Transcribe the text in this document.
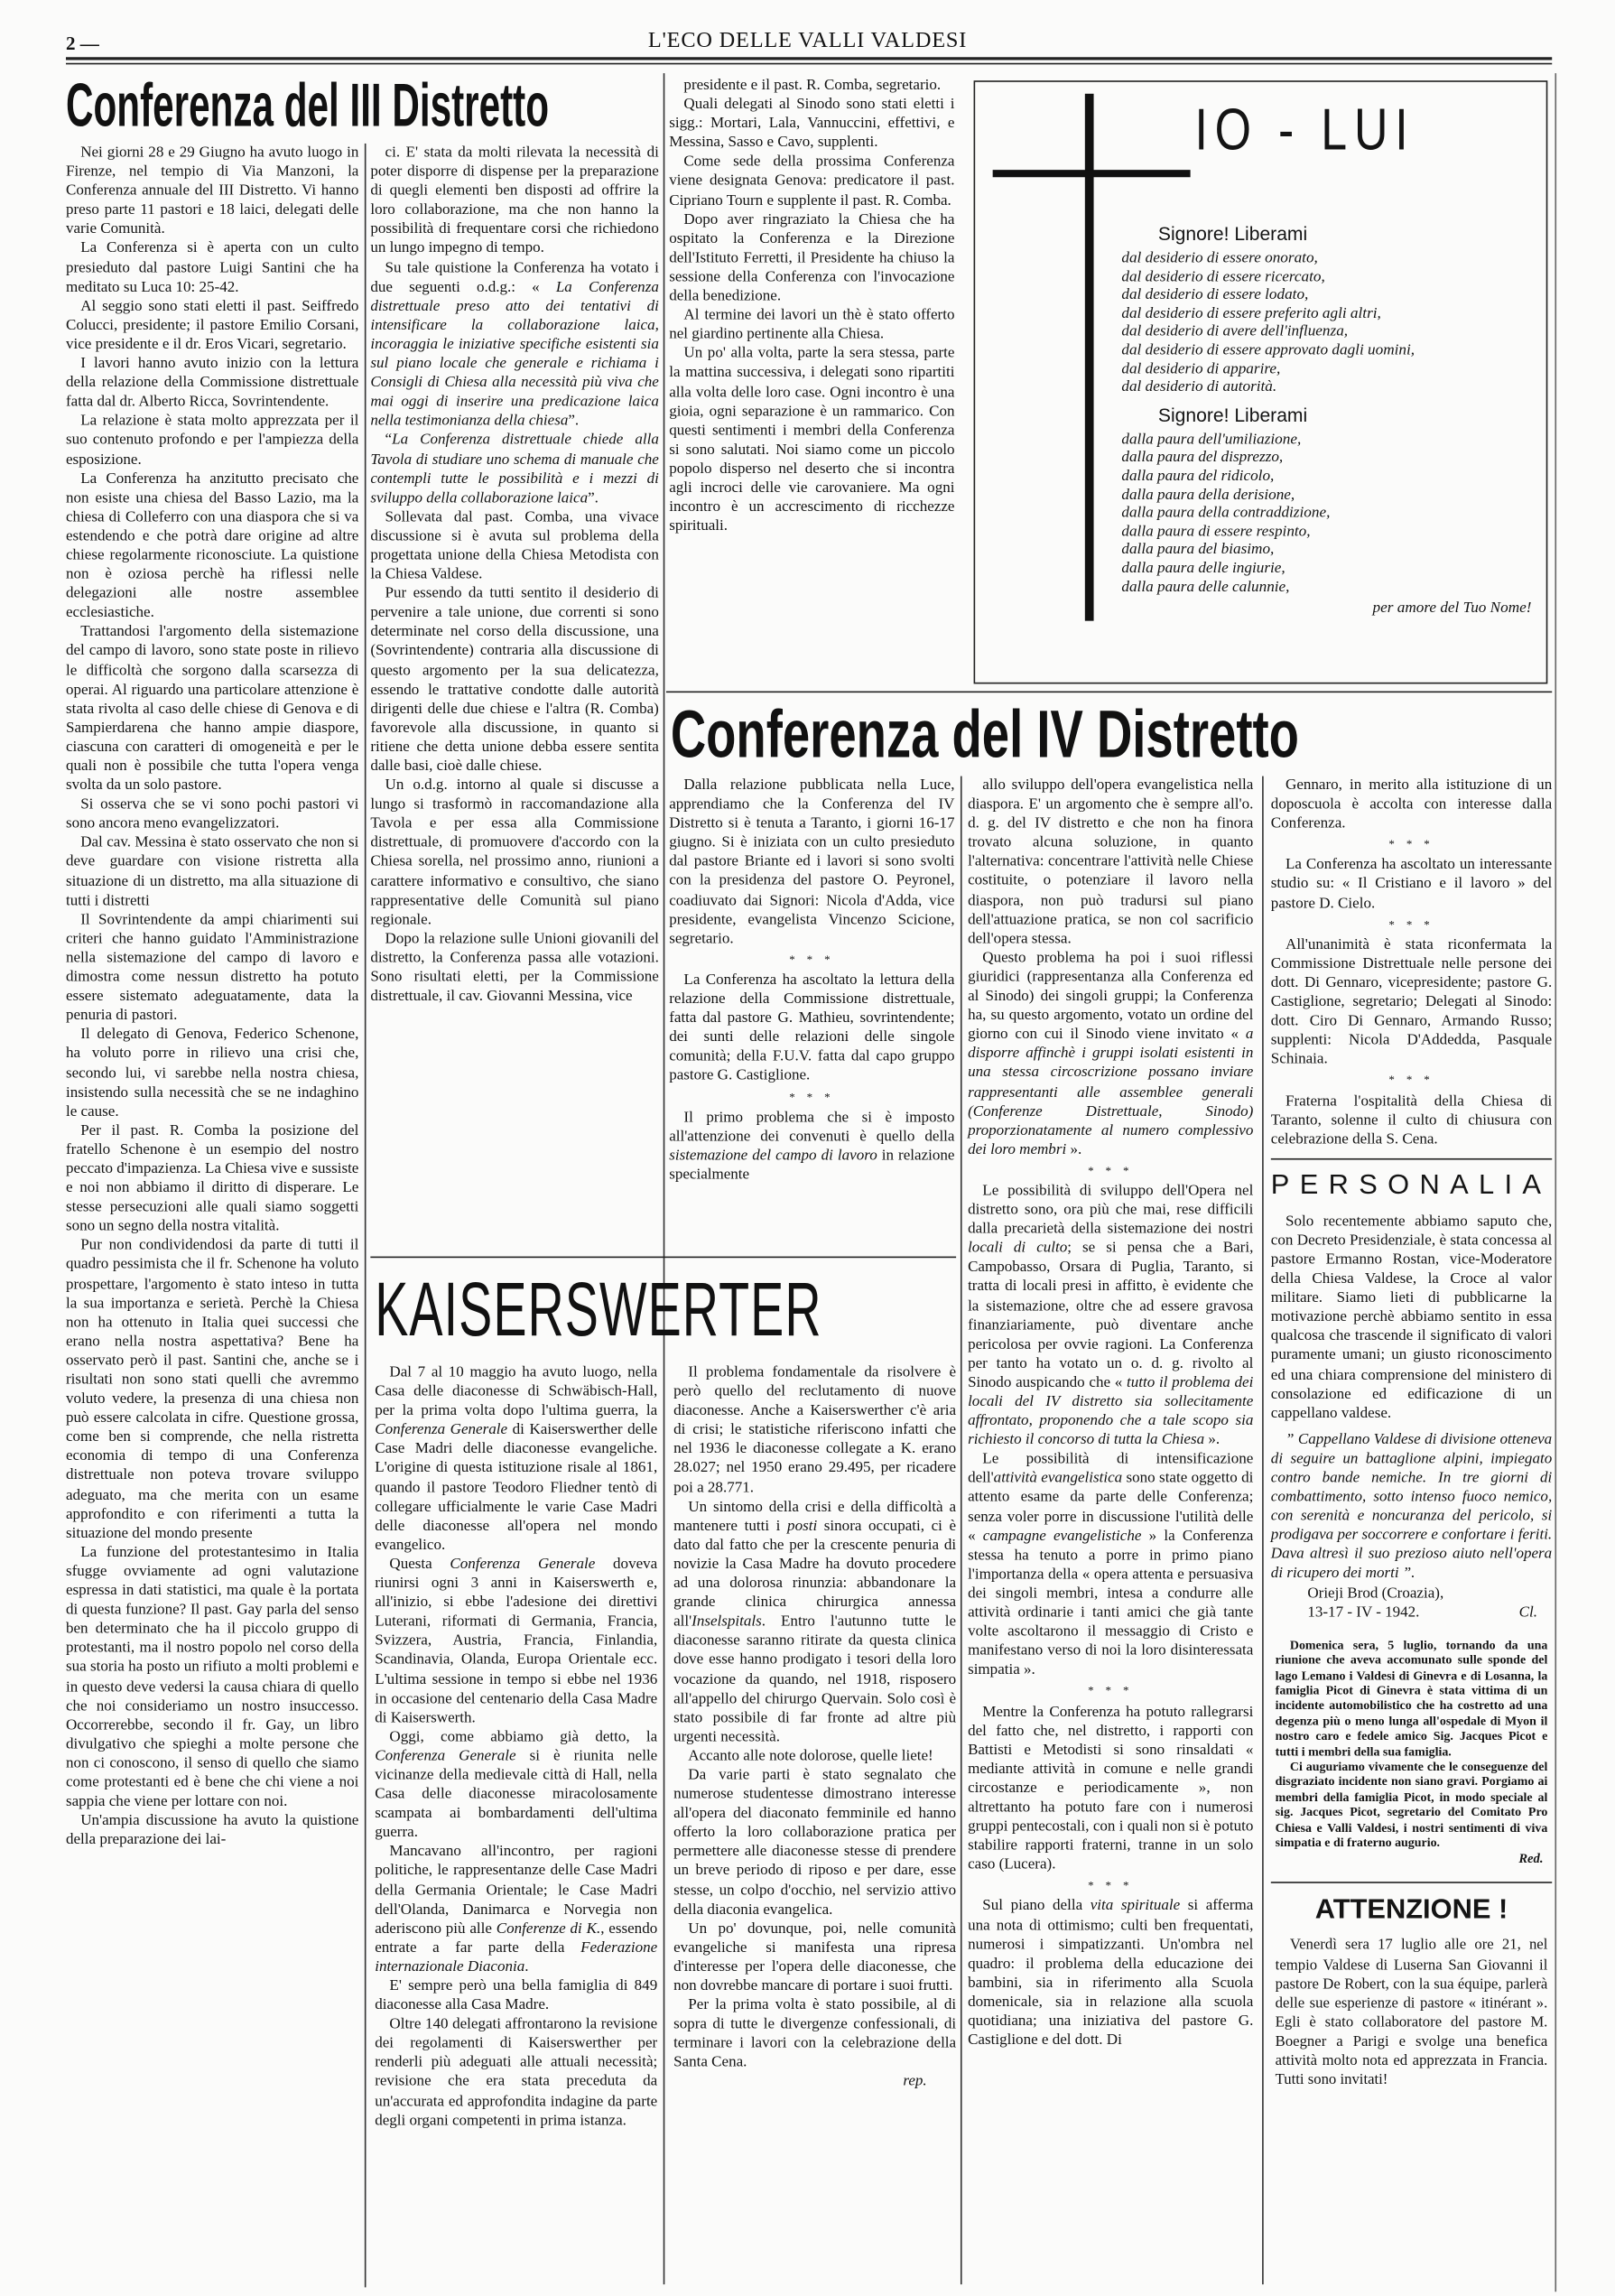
2 —	L'ECO DELLE VALLI VALDESI
Conferenza del III Distretto

Nei giorni 28 e 29 Giugno ha avuto luogo in Firenze, nel tempio di Via Manzoni, la Conferenza annuale del III Distretto. Vi hanno preso parte 11 pastori e 18 laici, delegati delle varie Comunità.

La Conferenza si è aperta con un culto presieduto dal pastore Luigi Santini che ha meditato su Luca 10: 25-42.

Al seggio sono stati eletti il past. Seiffredo Colucci, presidente; il pastore Emilio Corsani, vice presidente e il dr. Eros Vicari, segretario.

I lavori hanno avuto inizio con la lettura della relazione della Commissione distrettuale fatta dal dr. Alberto Ricca, Sovrintendente.

La relazione è stata molto apprezzata per il suo contenuto profondo e per l'ampiezza della esposizione.

La Conferenza ha anzitutto precisato che non esiste una chiesa del Basso Lazio, ma la chiesa di Colleferro con una diaspora che si va estendendo e che potrà dare origine ad altre chiese regolarmente riconosciute. La quistione non è oziosa perchè ha riflessi nelle delegazioni alle nostre assemblee ecclesiastiche.

Trattandosi l'argomento della sistemazione del campo di lavoro, sono state poste in rilievo le difficoltà che sorgono dalla scarsezza di operai. Al riguardo una particolare attenzione è stata rivolta al caso delle chiese di Genova e di Sampierdarena che hanno ampie diaspore, ciascuna con caratteri di omogeneità e per le quali non è possibile che tutta l'opera venga svolta da un solo pastore.

Si osserva che se vi sono pochi pastori vi sono ancora meno evangelizzatori.

Dal cav. Messina è stato osservato che non si deve guardare con visione ristretta alla situazione di un distretto, ma alla situazione di tutti i distretti

Il Sovrintendente da ampi chiarimenti sui criteri che hanno guidato l'Amministrazione nella sistemazione del campo di lavoro e dimostra come nessun distretto ha potuto essere sistemato adeguatamente, data la penuria di pastori.

Il delegato di Genova, Federico Schenone, ha voluto porre in rilievo una crisi che, secondo lui, vi sarebbe nella nostra chiesa, insistendo sulla necessità che se ne indaghino le cause.

Per il past. R. Comba la posizione del fratello Schenone è un esempio del nostro peccato d'impazienza. La Chiesa vive e sussiste e noi non abbiamo il diritto di disperare. Le stesse persecuzioni alle quali siamo soggetti sono un segno della nostra vitalità.

Pur non condividendosi da parte di tutti il quadro pessimista che il fr. Schenone ha voluto prospettare, l'argomento è stato inteso in tutta la sua importanza e serietà. Perchè la Chiesa non ha ottenuto in Italia quei successi che erano nella nostra aspettativa? Bene ha osservato però il past. Santini che, anche se i risultati non sono stati quelli che avremmo voluto vedere, la presenza di una chiesa non può essere calcolata in cifre. Questione grossa, come ben si comprende, che nella ristretta economia di tempo di una Conferenza distrettuale non poteva trovare sviluppo adeguato, ma che merita con un esame approfondito e con riferimenti a tutta la situazione del mondo presente

La funzione del protestantesimo in Italia sfugge ovviamente ad ogni valutazione espressa in dati statistici, ma quale è la portata di questa funzione? Il past. Gay parla del senso ben determinato che ha il piccolo gruppo di protestanti, ma il nostro popolo nel corso della sua storia ha posto un rifiuto a molti problemi e in questo deve vedersi la causa chiara di quello che noi consideriamo un nostro insuccesso. Occorrerebbe, secondo il fr. Gay, un libro divulgativo che spieghi a molte persone che non ci conoscono, il senso di quello che siamo come protestanti ed è bene che chi viene a noi sappia che viene per lottare con noi.

Un'ampia discussione ha avuto la quistione della preparazione dei lai-

ci. E' stata da molti rilevata la necessità di poter disporre di dispense per la preparazione di quegli elementi ben disposti ad offrire la loro collaborazione, ma che non hanno la possibilità di frequentare corsi che richiedono un lungo impegno di tempo.

Su tale quistione la Conferenza ha votato i due seguenti o.d.g.: « La Conferenza distrettuale preso atto dei tentativi di intensificare la collaborazione laica, incoraggia le iniziative specifiche esistenti sia sul piano locale che generale e richiama i Consigli di Chiesa alla necessità più viva che mai oggi di inserire una predicazione laica nella testimonianza della chiesa”.

“La Conferenza distrettuale chiede alla Tavola di studiare uno schema di manuale che contempli tutte le possibilità e i mezzi di sviluppo della collaborazione laica”.

Sollevata dal past. Comba, una vivace discussione si è avuta sul problema della progettata unione della Chiesa Metodista con la Chiesa Valdese.

Pur essendo da tutti sentito il desiderio di pervenire a tale unione, due correnti si sono determinate nel corso della discussione, una (Sovrintendente) contraria alla discussione di questo argomento per la sua delicatezza, essendo le trattative condotte dalle autorità dirigenti delle due chiese e l'altra (R. Comba) favorevole alla discussione, in quanto si ritiene che detta unione debba essere sentita dalle basi, cioè dalle chiese.

Un o.d.g. intorno al quale si discusse a lungo si trasformò in raccomandazione alla Tavola e per essa alla Commissione distrettuale, di promuovere d'accordo con la Chiesa sorella, nel prossimo anno, riunioni a carattere informativo e consultivo, che siano rappresentative delle Comunità sul piano regionale.

Dopo la relazione sulle Unioni giovanili del distretto, la Conferenza passa alle votazioni. Sono risultati eletti, per la Commissione distrettuale, il cav. Giovanni Messina, vice

presidente e il past. R. Comba, segretario.

Quali delegati al Sinodo sono stati eletti i sigg.: Mortari, Lala, Vannuccini, effettivi, e Messina, Sasso e Cavo, supplenti.

Come sede della prossima Conferenza viene designata Genova: predicatore il past. Cipriano Tourn e supplente il past. R. Comba.

Dopo aver ringraziato la Chiesa che ha ospitato la Conferenza e la Direzione dell'Istituto Ferretti, il Presidente ha chiuso la sessione della Conferenza con l'invocazione della benedizione.

Al termine dei lavori un thè è stato offerto nel giardino pertinente alla Chiesa.

Un po' alla volta, parte la sera stessa, parte la mattina successiva, i delegati sono ripartiti alla volta delle loro case. Ogni incontro è una gioia, ogni separazione è un rammarico. Con questi sentimenti i membri della Conferenza si sono salutati. Noi siamo come un piccolo popolo disperso nel deserto che si incontra agli incroci delle vie carovaniere. Ma ogni incontro è un accrescimento di ricchezze spirituali.

IO - LUI
Signore! Liberami
dal desiderio di essere onorato,
dal desiderio di essere ricercato,
dal desiderio di essere lodato,
dal desiderio di essere preferito agli altri,
dal desiderio di avere dell'influenza,
dal desiderio di essere approvato dagli uomini,
dal desiderio di apparire,
dal desiderio di autorità.
Signore! Liberami
dalla paura dell'umiliazione,
dalla paura del disprezzo,
dalla paura del ridicolo,
dalla paura della derisione,
dalla paura della contraddizione,
dalla paura di essere respinto,
dalla paura del biasimo,
dalla paura delle ingiurie,
dalla paura delle calunnie,
per amore del Tuo Nome!
Conferenza del IV Distretto

Dalla relazione pubblicata nella Luce, apprendiamo che la Conferenza del IV Distretto si è tenuta a Taranto, i giorni 16-17 giugno. Si è iniziata con un culto presieduto dal pastore Briante ed i lavori si sono svolti con la presidenza del pastore O. Peyronel, coadiuvato dai Signori: Nicola d'Adda, vice presidente, evangelista Vincenzo Scicione, segretario.

* * *

La Conferenza ha ascoltato la lettura della relazione della Commissione distrettuale, fatta dal pastore G. Mathieu, sovrintendente; dei sunti delle relazioni delle singole comunità; della F.U.V. fatta dal capo gruppo pastore G. Castiglione.

* * *

Il primo problema che si è imposto all'attenzione dei convenuti è quello della sistemazione del campo di lavoro in relazione specialmente

allo sviluppo dell'opera evangelistica nella diaspora. E' un argomento che è sempre all'o. d. g. del IV distretto e che non ha finora trovato alcuna soluzione, in quanto l'alternativa: concentrare l'attività nelle Chiese costituite, o potenziare il lavoro nella diaspora, non può tradursi sul piano dell'attuazione pratica, se non col sacrificio dell'opera stessa.

Questo problema ha poi i suoi riflessi giuridici (rappresentanza alla Conferenza ed al Sinodo) dei singoli gruppi; la Conferenza ha, su questo argomento, votato un ordine del giorno con cui il Sinodo viene invitato « a disporre affinchè i gruppi isolati esistenti in una stessa circoscrizione possano inviare rappresentanti alle assemblee generali (Conferenze Distrettuale, Sinodo) proporzionatamente al numero complessivo dei loro membri ».

* * *

Le possibilità di sviluppo dell'Opera nel distretto sono, ora più che mai, rese difficili dalla precarietà della sistemazione dei nostri locali di culto; se si pensa che a Bari, Campobasso, Orsara di Puglia, Taranto, si tratta di locali presi in affitto, è evidente che la sistemazione, oltre che ad essere gravosa finanziariamente, può diventare anche pericolosa per ovvie ragioni. La Conferenza per tanto ha votato un o. d. g. rivolto al Sinodo auspicando che « tutto il problema dei locali del IV distretto sia sollecitamente affrontato, proponendo che a tale scopo sia richiesto il concorso di tutta la Chiesa ».

Le possibilità di intensificazione dell'attività evangelistica sono state oggetto di attento esame da parte delle Conferenza; senza voler porre in discussione l'utilità delle « campagne evangelistiche » la Conferenza stessa ha tenuto a porre in primo piano l'importanza della « opera attenta e persuasiva dei singoli membri, intesa a condurre alle attività ordinarie i tanti amici che già tante volte ascoltarono il messaggio di Cristo e manifestano verso di noi la loro disinteressata simpatia ».

* * *

Mentre la Conferenza ha potuto rallegrarsi del fatto che, nel distretto, i rapporti con Battisti e Metodisti si sono rinsaldati « mediante attività in comune e nelle grandi circostanze e periodicamente », non altrettanto ha potuto fare con i numerosi gruppi pentecostali, con i quali non si è potuto stabilire rapporti fraterni, tranne in un solo caso (Lucera).

* * *

Sul piano della vita spirituale si afferma una nota di ottimismo; culti ben frequentati, numerosi i simpatizzanti. Un'ombra nel quadro: il problema della educazione dei bambini, sia in riferimento alla Scuola domenicale, sia in relazione alla scuola quotidiana; una iniziativa del pastore G. Castiglione e del dott. Di

Gennaro, in merito alla istituzione di un doposcuola è accolta con interesse dalla Conferenza.

* * *

La Conferenza ha ascoltato un interessante studio su: « Il Cristiano e il lavoro » del pastore D. Cielo.

* * *

All'unanimità è stata riconfermata la Commissione Distrettuale nelle persone dei dott. Di Gennaro, vicepresidente; pastore G. Castiglione, segretario; Delegati al Sinodo: dott. Ciro Di Gennaro, Armando Russo; supplenti: Nicola D'Addedda, Pasquale Schinaia.

* * *

Fraterna l'ospitalità della Chiesa di Taranto, solenne il culto di chiusura con celebrazione della S. Cena.

PERSONALIA

Solo recentemente abbiamo saputo che, con Decreto Presidenziale, è stata concessa al pastore Ermanno Rostan, vice-Moderatore della Chiesa Valdese, la Croce al valor militare. Siamo lieti di pubblicarne la motivazione perchè abbiamo sentito in essa qualcosa che trascende il significato di valori puramente umani; un giusto riconoscimento ed una chiara comprensione del ministero di consolazione ed edificazione di un cappellano valdese.

” Cappellano Valdese di divisione otteneva di seguire un battaglione alpini, impiegato contro bande nemiche. In tre giorni di combattimento, sotto intenso fuoco nemico, con serenità e noncuranza del pericolo, si prodigava per soccorrere e confortare i feriti. Dava altresì il suo prezioso aiuto nell'opera di ricupero dei morti ”.

Orieji Brod (Croazia),

13-17 - IV - 1942.	Cl.

Domenica sera, 5 luglio, tornando da una riunione che aveva accomunato sulle sponde del lago Lemano i Valdesi di Ginevra e di Losanna, la famiglia Picot di Ginevra è stata vittima di un incidente automobilistico che ha costretto ad una degenza più o meno lunga all'ospedale di Myon il nostro caro e fedele amico Sig. Jacques Picot e tutti i membri della sua famiglia.

Ci auguriamo vivamente che le conseguenze del disgraziato incidente non siano gravi. Porgiamo ai membri della famiglia Picot, in modo speciale al sig. Jacques Picot, segretario del Comitato Pro Chiesa e Valli Valdesi, i nostri sentimenti di viva simpatia e di fraterno augurio.

Red.
ATTENZIONE !

Venerdì sera 17 luglio alle ore 21, nel tempio Valdese di Luserna San Giovanni il pastore De Robert, con la sua équipe, parlerà delle sue esperienze di pastore « itinérant ». Egli è stato collaboratore del pastore M. Boegner a Parigi e svolge una benefica attività molto nota ed apprezzata in Francia. Tutti sono invitati!

KAISERSWERTER

Dal 7 al 10 maggio ha avuto luogo, nella Casa delle diaconesse di Schwäbisch-Hall, per la prima volta dopo l'ultima guerra, la Conferenza Generale di Kaiserswerther delle Case Madri delle diaconesse evangeliche. L'origine di questa istituzione risale al 1861, quando il pastore Teodoro Fliedner tentò di collegare ufficialmente le varie Case Madri delle diaconesse all'opera nel mondo evangelico.

Questa Conferenza Generale doveva riunirsi ogni 3 anni in Kaiserswerth e, all'inizio, si ebbe l'adesione dei direttivi Luterani, riformati di Germania, Francia, Svizzera, Austria, Francia, Finlandia, Scandinavia, Olanda, Europa Orientale ecc. L'ultima sessione in tempo si ebbe nel 1936 in occasione del centenario della Casa Madre di Kaiserswerth.

Oggi, come abbiamo già detto, la Conferenza Generale si è riunita nelle vicinanze della medievale città di Hall, nella Casa delle diaconesse miracolosamente scampata ai bombardamenti dell'ultima guerra.

Mancavano all'incontro, per ragioni politiche, le rappresentanze delle Case Madri della Germania Orientale; le Case Madri dell'Olanda, Danimarca e Norvegia non aderiscono più alle Conferenze di K., essendo entrate a far parte della Federazione internazionale Diaconia.

E' sempre però una bella famiglia di 849 diaconesse alla Casa Madre.

Oltre 140 delegati affrontarono la revisione dei regolamenti di Kaiserswerther per renderli più adeguati alle attuali necessità; revisione che era stata preceduta da un'accurata ed approfondita indagine da parte degli organi competenti in prima istanza.

Il problema fondamentale da risolvere è però quello del reclutamento di nuove diaconesse. Anche a Kaiserswerther c'è aria di crisi; le statistiche riferiscono infatti che nel 1936 le diaconesse collegate a K. erano 28.027; nel 1950 erano 29.495, per ricadere poi a 28.771.

Un sintomo della crisi e della difficoltà a mantenere tutti i posti sinora occupati, ci è dato dal fatto che per la crescente penuria di novizie la Casa Madre ha dovuto procedere ad una dolorosa rinunzia: abbandonare la grande clinica chirurgica annessa all'Inselspitals. Entro l'autunno tutte le diaconesse saranno ritirate da questa clinica dove esse hanno prodigato i tesori della loro vocazione da quando, nel 1918, risposero all'appello del chirurgo Quervain. Solo così è stato possibile di far fronte ad altre più urgenti necessità.

Accanto alle note dolorose, quelle liete!

Da varie parti è stato segnalato che numerose studentesse dimostrano interesse all'opera del diaconato femminile ed hanno offerto la loro collaborazione pratica per permettere alle diaconesse stesse di prendere un breve periodo di riposo e per dare, esse stesse, un colpo d'occhio, nel servizio attivo della diaconia evangelica.

Un po' dovunque, poi, nelle comunità evangeliche si manifesta una ripresa d'interesse per l'opera delle diaconesse, che non dovrebbe mancare di portare i suoi frutti.

Per la prima volta è stato possibile, al di sopra di tutte le divergenze confessionali, di terminare i lavori con la celebrazione della Santa Cena.

rep.
